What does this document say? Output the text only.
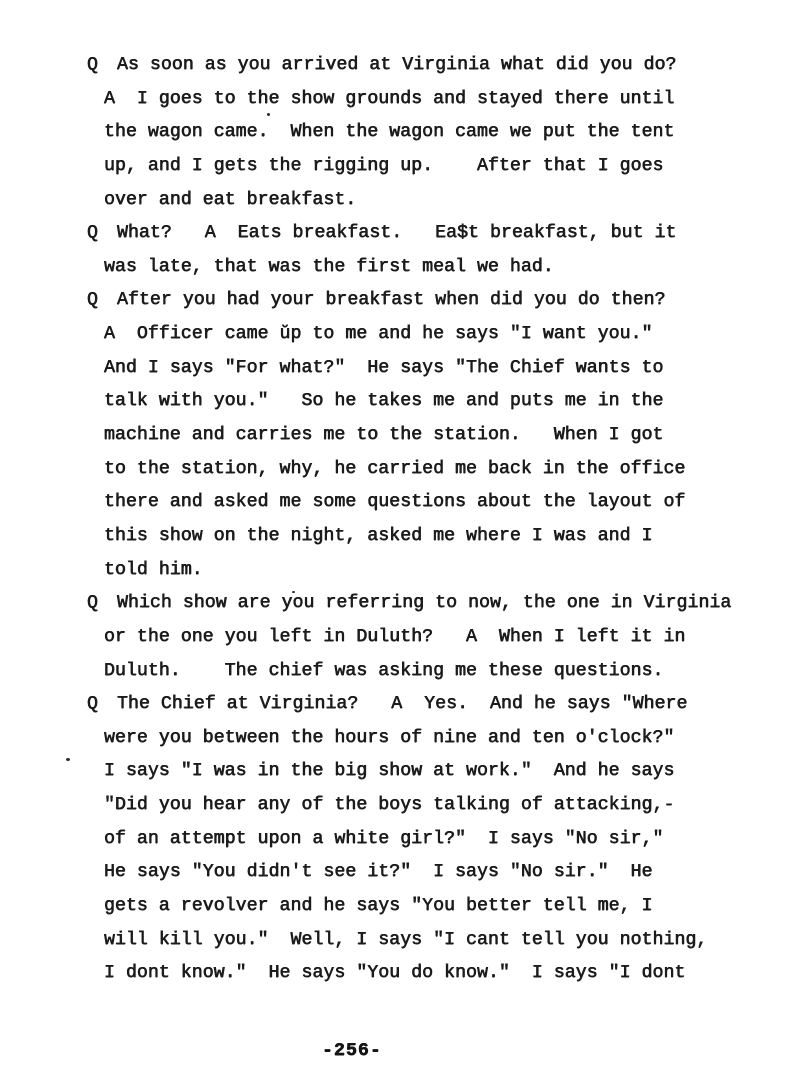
Q As soon as you arrived at Virginia what did you do?
A  I goes to the show grounds and stayed there until
the wagon came.  When the wagon came we put the tent
up, and I gets the rigging up.    After that I goes
over and eat breakfast.
Q What?   A  Eats breakfast.   Ea$t breakfast, but it
was late, that was the first meal we had.
Q After you had your breakfast when did you do then?
A  Officer came ŭp to me and he says "I want you."
And I says "For what?"  He says "The Chief wants to
talk with you."   So he takes me and puts me in the
machine and carries me to the station.   When I got
to the station, why, he carried me back in the office
there and asked me some questions about the layout of
this show on the night, asked me where I was and I
told him.
Q Which show are you referring to now, the one in Virginia
or the one you left in Duluth?   A  When I left it in
Duluth.    The chief was asking me these questions.
Q The Chief at Virginia?   A  Yes.  And he says "Where
were you between the hours of nine and ten o'clock?"
I says "I was in the big show at work."  And he says
"Did you hear any of the boys talking of attacking,-
of an attempt upon a white girl?"  I says "No sir,"
He says "You didn't see it?"  I says "No sir."  He
gets a revolver and he says "You better tell me, I
will kill you."  Well, I says "I cant tell you nothing,
I dont know."  He says "You do know."  I says "I dont
-256-
